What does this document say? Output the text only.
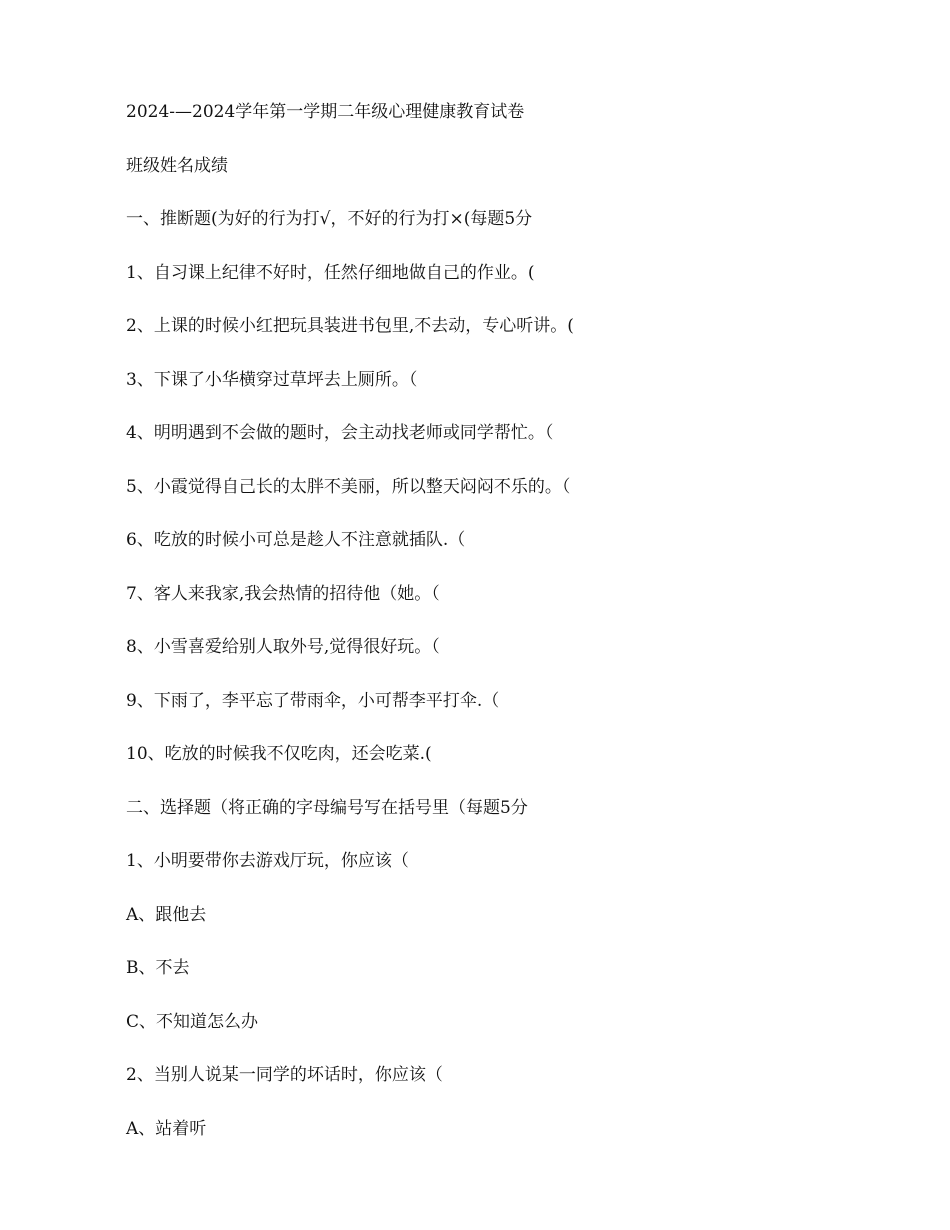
2024-—2024学年第一学期二年级心理健康教育试卷
班级姓名成绩
一、推断题(为好的行为打√，不好的行为打×(每题5分
1、自习课上纪律不好时，任然仔细地做自己的作业。(
2、上课的时候小红把玩具装进书包里,不去动，专心听讲。(
3、下课了小华横穿过草坪去上厕所。（
4、明明遇到不会做的题时，会主动找老师或同学帮忙。（
5、小霞觉得自己长的太胖不美丽，所以整天闷闷不乐的。（
6、吃放的时候小可总是趁人不注意就插队.（
7、客人来我家,我会热情的招待他（她。（
8、小雪喜爱给别人取外号,觉得很好玩。（
9、下雨了，李平忘了带雨伞，小可帮李平打伞.（
10、吃放的时候我不仅吃肉，还会吃菜.(
二、选择题（将正确的字母编号写在括号里（每题5分
1、小明要带你去游戏厅玩，你应该（
A、跟他去
B、不去
C、不知道怎么办
2、当别人说某一同学的坏话时，你应该（
A、站着听
